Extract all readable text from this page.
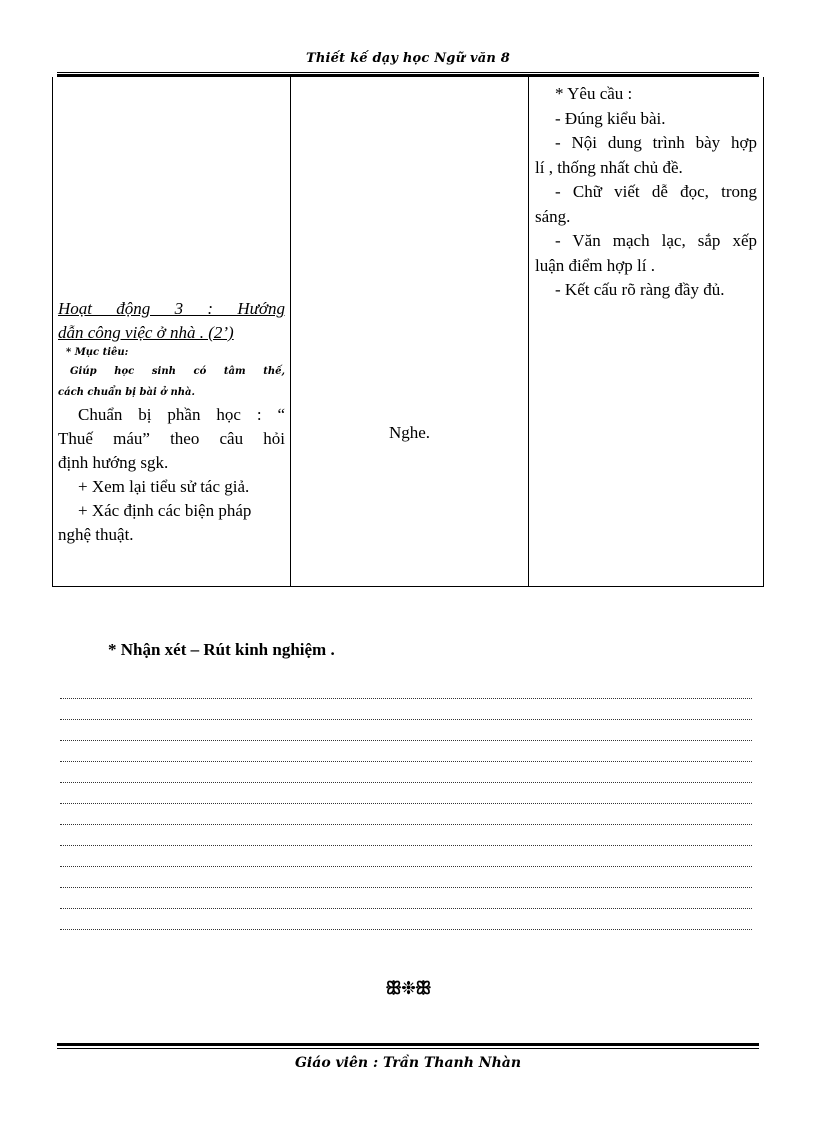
Thiết kế dạy học Ngữ văn 8
Hoạt động 3 : Hướng
dẫn công việc ở nhà . (2’)
* Mục tiêu:
Giúp học sinh có tâm thế,
cách chuẩn bị bài ở nhà.
Chuẩn bị phần học : “
Thuế máu” theo câu hỏi
định hướng sgk.
+ Xem lại tiểu sử tác giả.
+ Xác định các biện pháp
nghệ thuật.

Nghe.

* Yêu cầu :
- Đúng kiểu bài.
- Nội dung trình bày hợp
lí , thống nhất chủ đề.
- Chữ viết dễ đọc, trong
sáng.
- Văn mạch lạc, sắp xếp
luận điểm hợp lí .
- Kết cấu rõ ràng đầy đủ.
* Nhận xét – Rút kinh nghiệm .
ꕥ❉ꕥ
Giáo viên : Trần Thanh Nhàn
